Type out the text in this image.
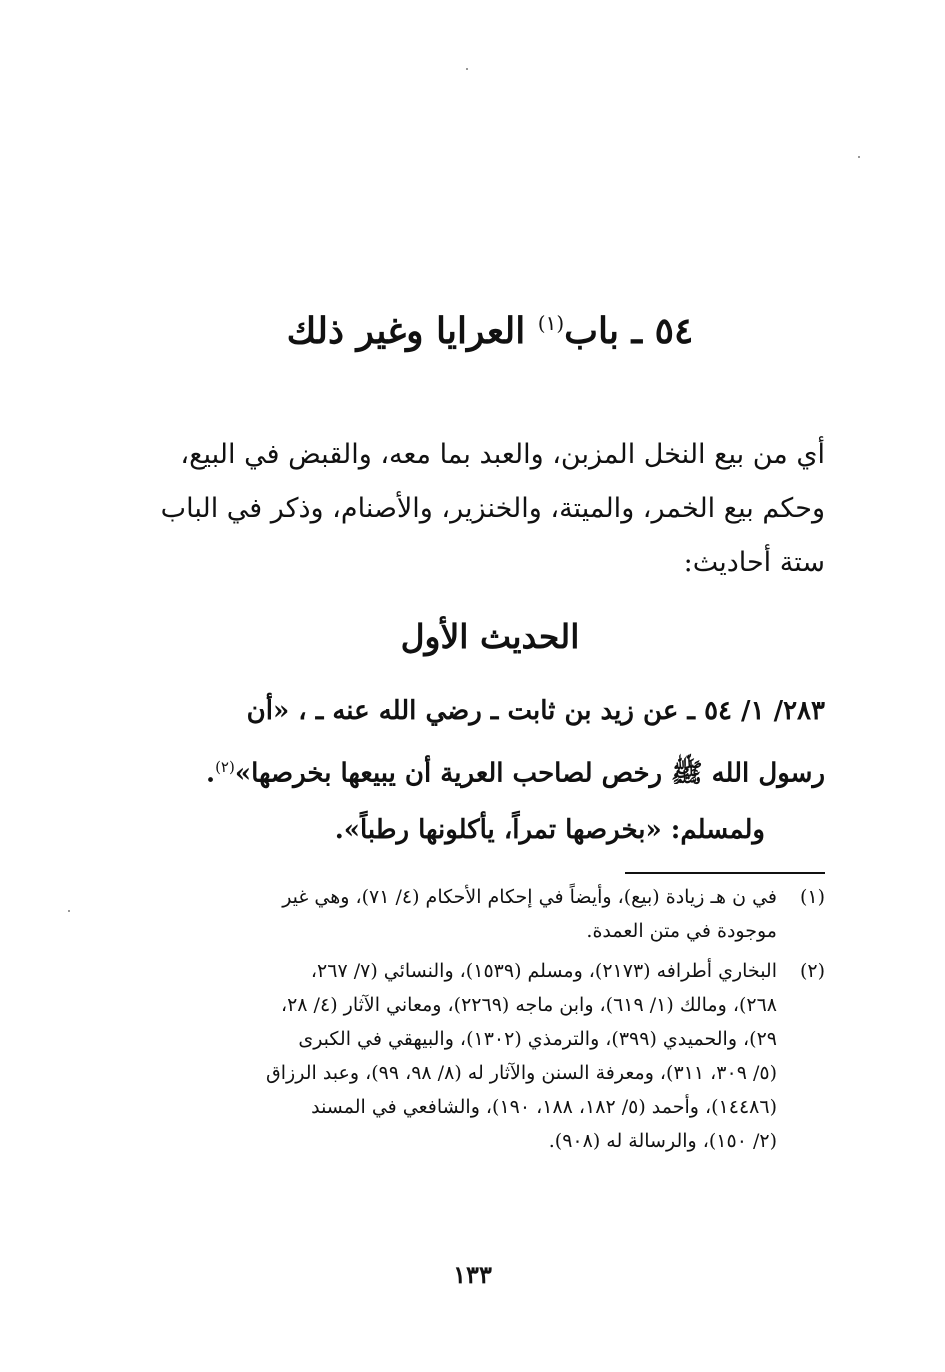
٥٤ ـ باب$^{(١)}$ العرايا وغير ذلك
أي من بيع النخل المزبن، والعبد بما معه، والقبض في البيع،
وحكم بيع الخمر، والميتة، والخنزير، والأصنام، وذكر في الباب
ستة أحاديث:
الحديث الأول
٢٨٣/ ١/ ٥٤ ـ عن زيد بن ثابت ـ رضي الله عنه ـ ، «أن
رسول الله ﷺ رخص لصاحب العرية أن يبيعها بخرصها»$^{(٢)}$.
ولمسلم: «بخرصها تمراً، يأكلونها رطباً».
(١)
في ن هـ زيادة (بيع)، وأيضاً في إحكام الأحكام (٤/ ٧١)، وهي غير
موجودة في متن العمدة.
(٢)
البخاري أطرافه (٢١٧٣)، ومسلم (١٥٣٩)، والنسائي (٧/ ٢٦٧،
٢٦٨)، ومالك (١/ ٦١٩)، وابن ماجه (٢٢٦٩)، ومعاني الآثار (٤/ ٢٨،
٢٩)، والحميدي (٣٩٩)، والترمذي (١٣٠٢)، والبيهقي في الكبرى
(٥/ ٣٠٩، ٣١١)، ومعرفة السنن والآثار له (٨/ ٩٨، ٩٩)، وعبد الرزاق
(١٤٤٨٦)، وأحمد (٥/ ١٨٢، ١٨٨، ١٩٠)، والشافعي في المسند
(٢/ ١٥٠)، والرسالة له (٩٠٨).
١٣٣
